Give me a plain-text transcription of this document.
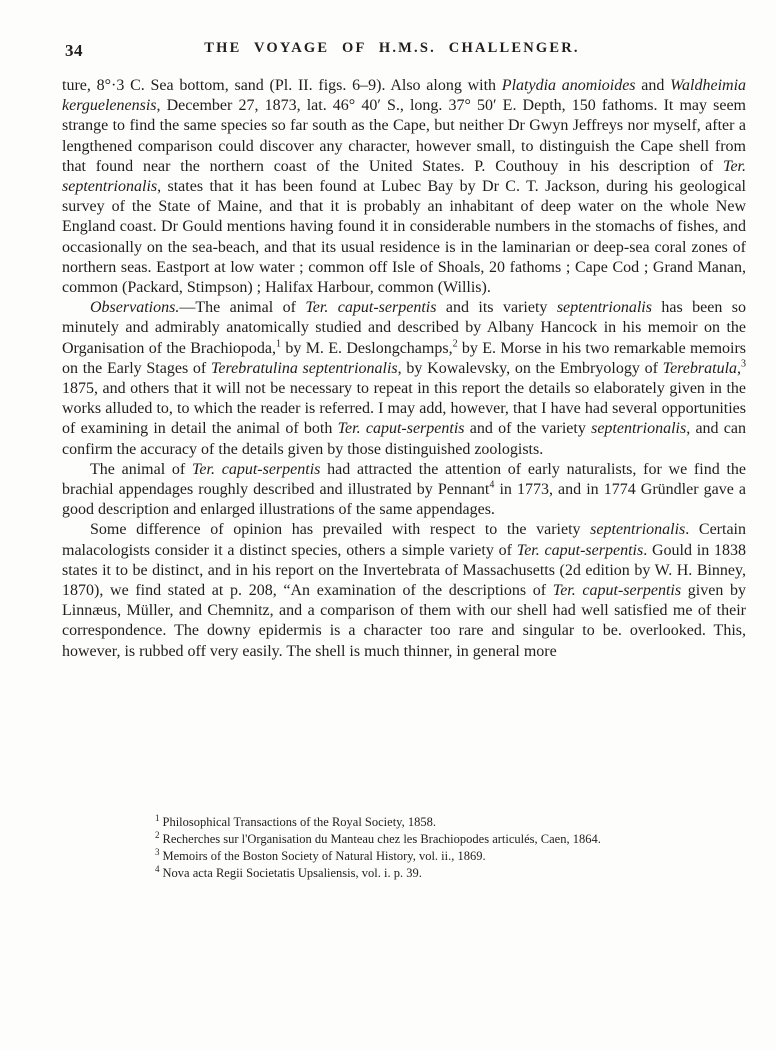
34	THE VOYAGE OF H.M.S. CHALLENGER.

ture, 8°·3 C. Sea bottom, sand (Pl. II. figs. 6–9). Also along with Platydia anomioides and Waldheimia kerguelenensis, December 27, 1873, lat. 46° 40′ S., long. 37° 50′ E. Depth, 150 fathoms. It may seem strange to find the same species so far south as the Cape, but neither Dr Gwyn Jeffreys nor myself, after a lengthened comparison could discover any character, however small, to distinguish the Cape shell from that found near the northern coast of the United States. P. Couthouy in his description of Ter. septentrionalis, states that it has been found at Lubec Bay by Dr C. T. Jackson, during his geological survey of the State of Maine, and that it is probably an inhabitant of deep water on the whole New England coast. Dr Gould mentions having found it in considerable numbers in the stomachs of fishes, and occasionally on the sea-beach, and that its usual residence is in the laminarian or deep-sea coral zones of northern seas. Eastport at low water ; common off Isle of Shoals, 20 fathoms ; Cape Cod ; Grand Manan, common (Packard, Stimpson) ; Halifax Harbour, common (Willis).

Observations.—The animal of Ter. caput-serpentis and its variety septentrionalis has been so minutely and admirably anatomically studied and described by Albany Hancock in his memoir on the Organisation of the Brachiopoda,$^1$ by M. E. Deslongchamps,$^2$ by E. Morse in his two remarkable memoirs on the Early Stages of Terebratulina septentrionalis, by Kowalevsky, on the Embryology of Terebratula,$^3$ 1875, and others that it will not be necessary to repeat in this report the details so elaborately given in the works alluded to, to which the reader is referred. I may add, however, that I have had several opportunities of examining in detail the animal of both Ter. caput-serpentis and of the variety septentrionalis, and can confirm the accuracy of the details given by those distinguished zoologists.

The animal of Ter. caput-serpentis had attracted the attention of early naturalists, for we find the brachial appendages roughly described and illustrated by Pennant$^4$ in 1773, and in 1774 Gründler gave a good description and enlarged illustrations of the same appendages.

Some difference of opinion has prevailed with respect to the variety septentrionalis. Certain malacologists consider it a distinct species, others a simple variety of Ter. caput-serpentis. Gould in 1838 states it to be distinct, and in his report on the Invertebrata of Massachusetts (2d edition by W. H. Binney, 1870), we find stated at p. 208, “An examination of the descriptions of Ter. caput-serpentis given by Linnæus, Müller, and Chemnitz, and a comparison of them with our shell had well satisfied me of their correspondence. The downy epidermis is a character too rare and singular to be. overlooked. This, however, is rubbed off very easily. The shell is much thinner, in general more

$^1$ Philosophical Transactions of the Royal Society, 1858.
$^2$ Recherches sur l'Organisation du Manteau chez les Brachiopodes articulés, Caen, 1864.
$^3$ Memoirs of the Boston Society of Natural History, vol. ii., 1869.
$^4$ Nova acta Regii Societatis Upsaliensis, vol. i. p. 39.
